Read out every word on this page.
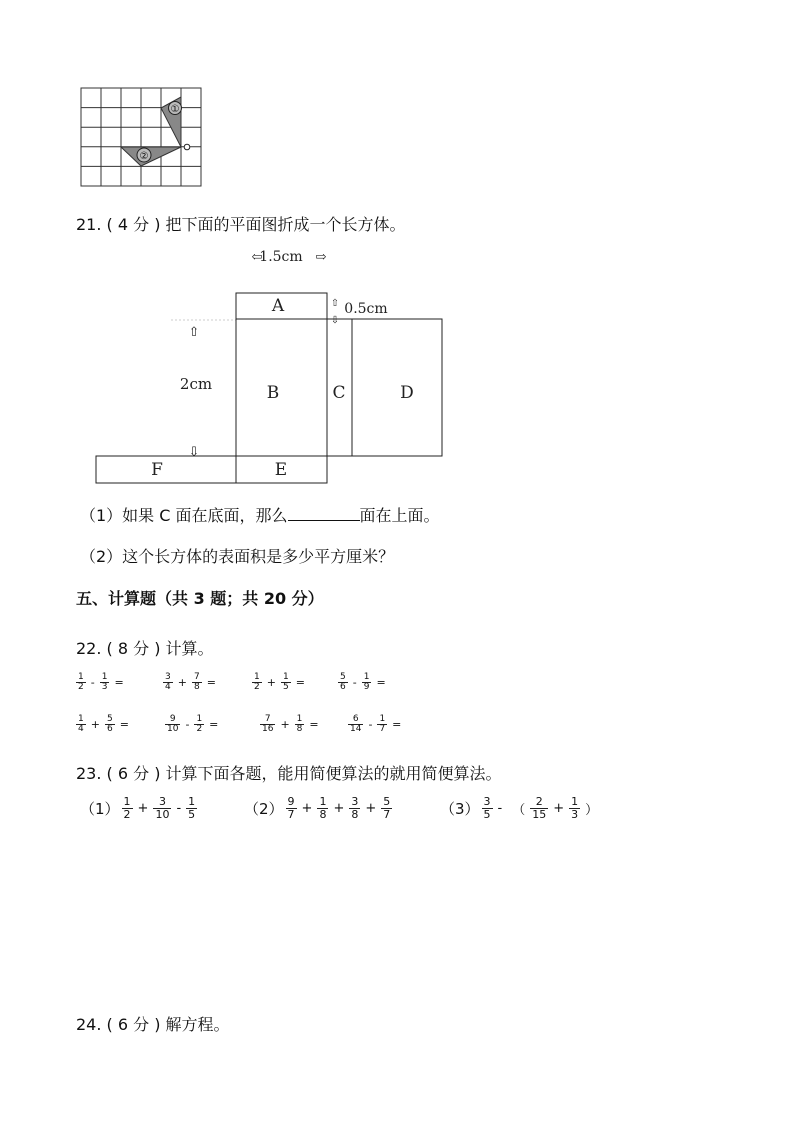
①
②
21. ( 4 分 ) 把下面的平面图折成一个长方体。
⇦
1.5cm ⇨
⇧ 0.5cm
⇩
⇧
2cm
⇩
A
B	C	D
E
F
（1）如果 C 面在底面，那么	面在上面。
（2）这个长方体的表面积是多少平方厘米？
五、计算题（共 3 题；共 20 分）
22. ( 8 分 ) 计算。
$\frac{1}{2} - \frac{1}{3}$ =	$\frac{3}{4} + \frac{7}{8}$ =	$\frac{1}{2} + \frac{1}{5}$ =	$\frac{5}{6} - \frac{1}{9}$ =
$\frac{1}{4} + \frac{5}{6}$ =	$\frac{9}{10} - \frac{1}{2}$ =	$\frac{7}{16} + \frac{1}{8}$ =	$\frac{6}{14} - \frac{1}{7}$ =
23. ( 6 分 ) 计算下面各题，能用简便算法的就用简便算法。
$(1) \frac{1}{2} + \frac{3}{10} - \frac{1}{5}$	$(2) \frac{9}{7} + \frac{1}{8} + \frac{3}{8} + \frac{5}{7}$	$(3) \frac{3}{5}$ - （ $\frac{2}{15} + \frac{1}{3}$ ）
24. ( 6 分 ) 解方程。
